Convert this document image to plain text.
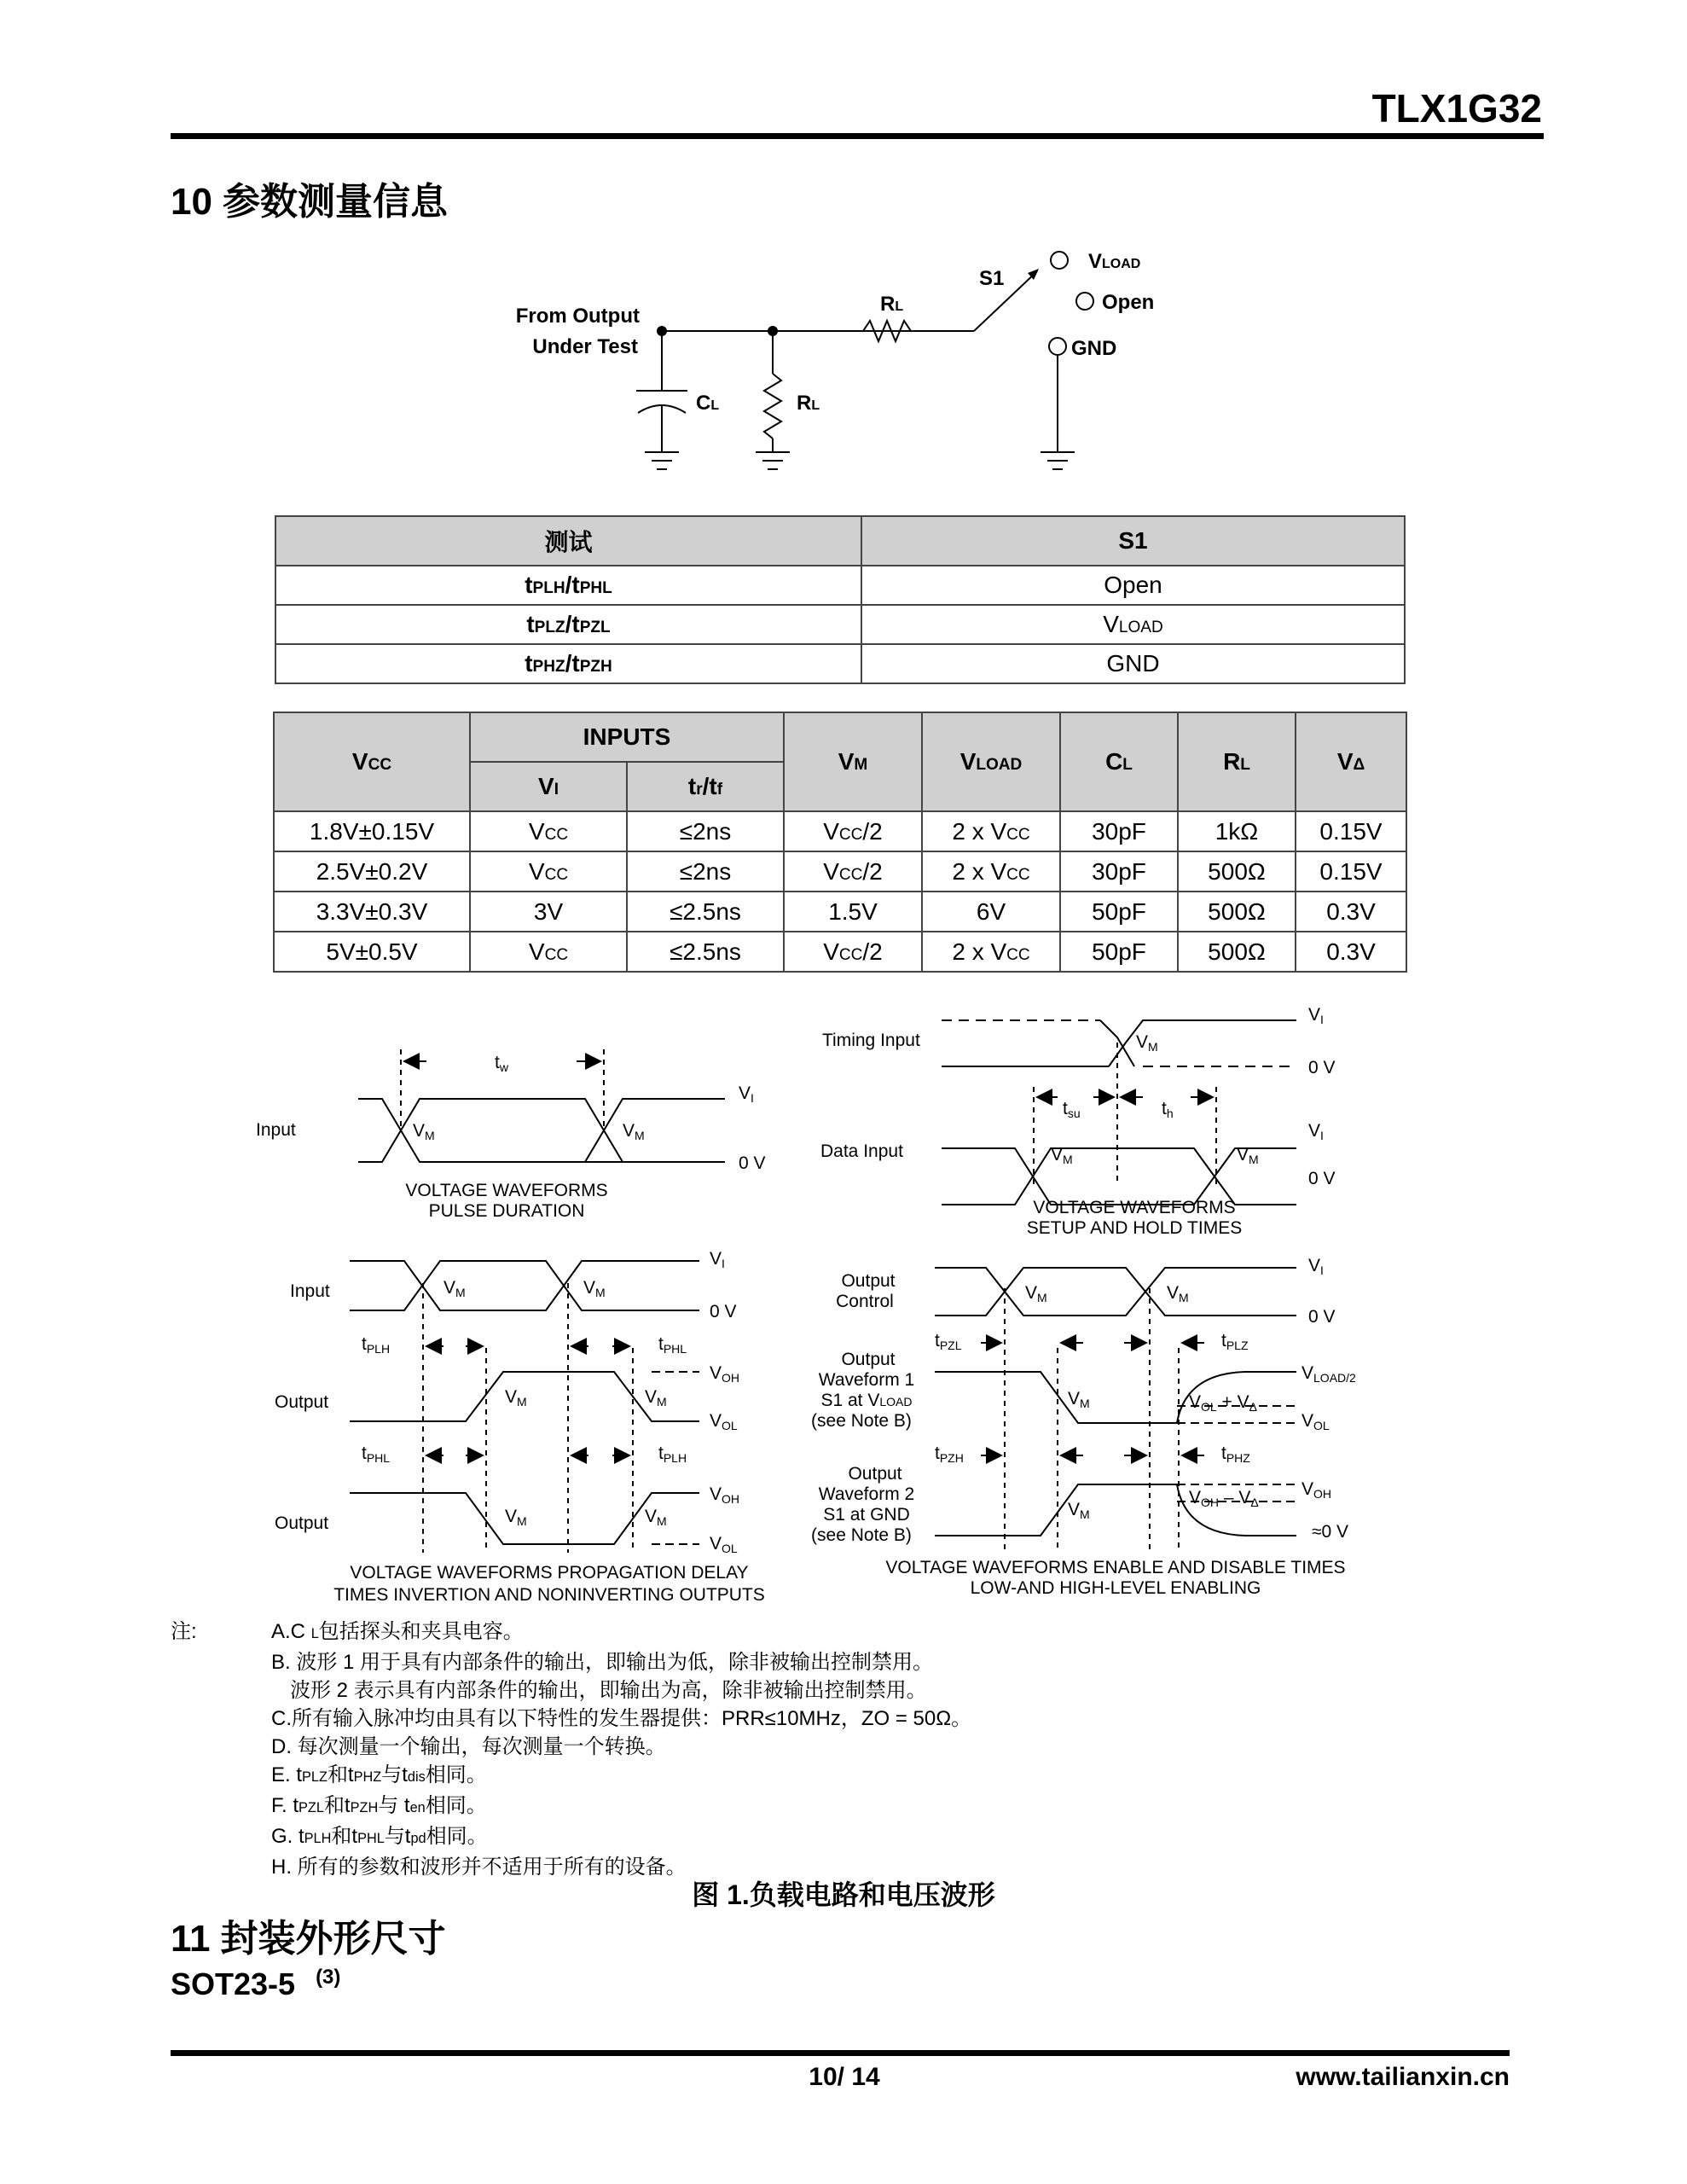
TLX1G32
10 参数测量信息
From Output
Under Test
S1
RL
RL
CL
VLOAD
Open
GND
测试	S1
tPLH/tPHL	Open
tPLZ/tPZL	VLOAD
tPHZ/tPZH	GND
VCC	INPUTS		VM	VLOAD	CL	RL	VΔ
	VI	tr/tf					
1.8V±0.15V	VCC	≤2ns	VCC/2	2 x VCC	30pF	1kΩ	0.15V
2.5V±0.2V	VCC	≤2ns	VCC/2	2 x VCC	30pF	500Ω	0.15V
3.3V±0.3V	3V	≤2.5ns	1.5V	6V	50pF	500Ω	0.3V
5V±0.5V	VCC	≤2.5ns	VCC/2	2 x VCC	50pF	500Ω	0.3V
Input
tw
VM	VM
VI
0 V
VOLTAGE WAVEFORMS
PULSE DURATION
Timing Input
Data Input
VM
VM	VM
VI
0 V
VI
0 V
tsu	th
VOLTAGE WAVEFORMS
SETUP AND HOLD TIMES
Input
Output
Output
VM	VM
VM	VM
VM	VM
VI
0 V
VOH
VOL
VOH
VOL
tPLH	tPHL
tPHL	tPLH
VOLTAGE WAVEFORMS PROPAGATION DELAY
TIMES INVERTION AND NONINVERTING OUTPUTS
Output
Control
Output
Waveform 1
S1 at VLOAD
(see Note B)
Output
Waveform 2
S1 at GND
(see Note B)
VM	VM
VM
VM
VI
0 V
tPZL	tPLZ
tPZH	tPHZ
VLOAD/2
VOL
VOH
VOL + VΔ
VOH – VΔ
≈0 V
VOLTAGE WAVEFORMS ENABLE AND DISABLE TIMES
LOW-AND HIGH-LEVEL ENABLING
注:	A.C L包括探头和夹具电容。
B. 波形 1 用于具有内部条件的输出，即输出为低，除非被输出控制禁用。
波形 2 表示具有内部条件的输出，即输出为高，除非被输出控制禁用。
C.所有输入脉冲均由具有以下特性的发生器提供：PRR≤10MHz，ZO = 50Ω。
D. 每次测量一个输出，每次测量一个转换。
E. tPLZ和tPHZ与tdis相同。
F. tPZL和tPZH与 ten相同。
G. tPLH和tPHL与tpd相同。
H. 所有的参数和波形并不适用于所有的设备。
图 1.负载电路和电压波形
11 封装外形尺寸
SOT23-5 $^{(3)}$
10/ 14	www.tailianxin.cn
